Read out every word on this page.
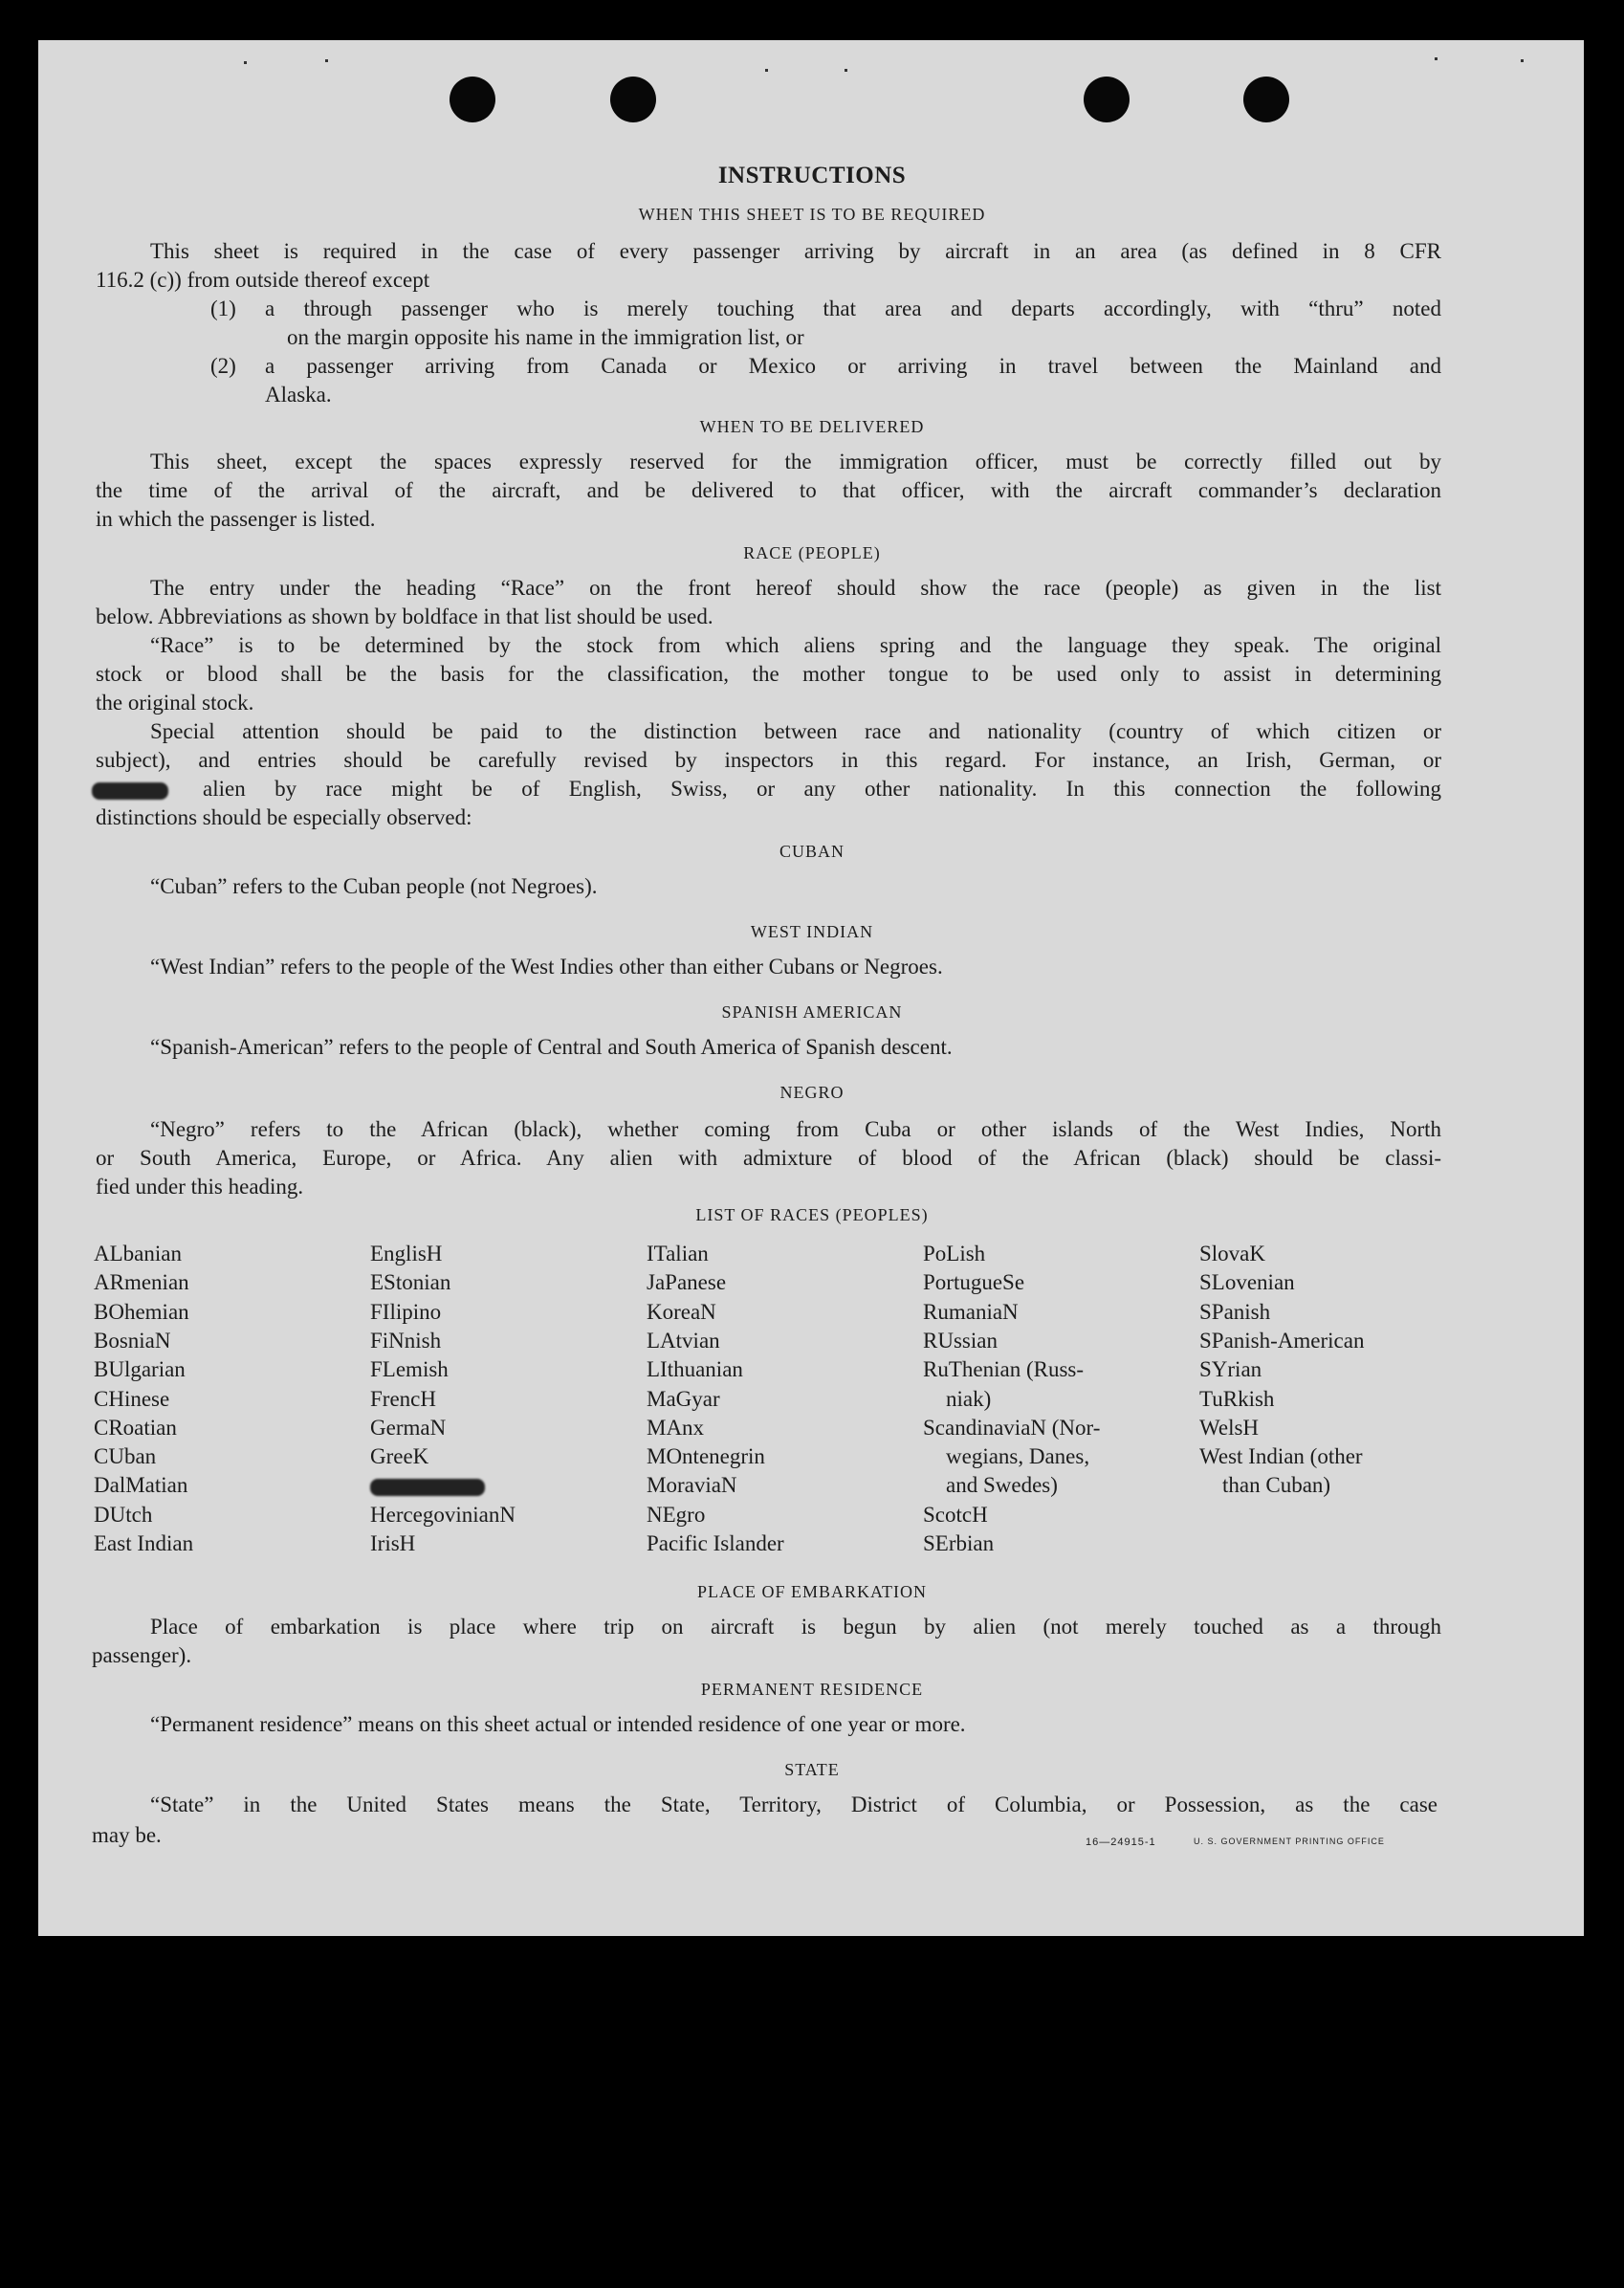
INSTRUCTIONS
WHEN THIS SHEET IS TO BE REQUIRED
This sheet is required in the case of every passenger arriving by aircraft in an area (as defined in 8 CFR
116.2 (c)) from outside thereof except
(1) a through passenger who is merely touching that area and departs accordingly, with “thru” noted
on the margin opposite his name in the immigration list, or
(2) a passenger arriving from Canada or Mexico or arriving in travel between the Mainland and
Alaska.
WHEN TO BE DELIVERED
This sheet, except the spaces expressly reserved for the immigration officer, must be correctly filled out by
the time of the arrival of the aircraft, and be delivered to that officer, with the aircraft commander’s declaration
in which the passenger is listed.
RACE (PEOPLE)
The entry under the heading “Race” on the front hereof should show the race (people) as given in the list
below. Abbreviations as shown by boldface in that list should be used.
“Race” is to be determined by the stock from which aliens spring and the language they speak. The original
stock or blood shall be the basis for the classification, the mother tongue to be used only to assist in determining
the original stock.
Special attention should be paid to the distinction between race and nationality (country of which citizen or
subject), and entries should be carefully revised by inspectors in this regard. For instance, an Irish, German, or
alien by race might be of English, Swiss, or any other nationality. In this connection the following
distinctions should be especially observed:
CUBAN
“Cuban” refers to the Cuban people (not Negroes).
WEST INDIAN
“West Indian” refers to the people of the West Indies other than either Cubans or Negroes.
SPANISH AMERICAN
“Spanish-American” refers to the people of Central and South America of Spanish descent.
NEGRO
“Negro” refers to the African (black), whether coming from Cuba or other islands of the West Indies, North
or South America, Europe, or Africa. Any alien with admixture of blood of the African (black) should be classi-
fied under this heading.
LIST OF RACES (PEOPLES)
ALbanian
ARmenian
BOhemian
BosniaN
BUlgarian
CHinese
CRoatian
CUban
DalMatian
DUtch
East Indian
EnglisH
EStonian
FIlipino
FiNnish
FLemish
FrencH
GermaN
GreeK
HercegovinianN
IrisH
ITalian
JaPanese
KoreaN
LAtvian
LIthuanian
MaGyar
MAnx
MOntenegrin
MoraviaN
NEgro
Pacific Islander
PoLish
PortugueSe
RumaniaN
RUssian
RuThenian (Russ-
niak)
ScandinaviaN (Nor-
wegians, Danes,
and Swedes)
ScotcH
SErbian
SlovaK
SLovenian
SPanish
SPanish-American
SYrian
TuRkish
WelsH
West Indian (other
than Cuban)
PLACE OF EMBARKATION
Place of embarkation is place where trip on aircraft is begun by alien (not merely touched as a through
passenger).
PERMANENT RESIDENCE
“Permanent residence” means on this sheet actual or intended residence of one year or more.
STATE
“State” in the United States means the State, Territory, District of Columbia, or Possession, as the case
may be.	16—24915-1	U. S. GOVERNMENT PRINTING OFFICE
